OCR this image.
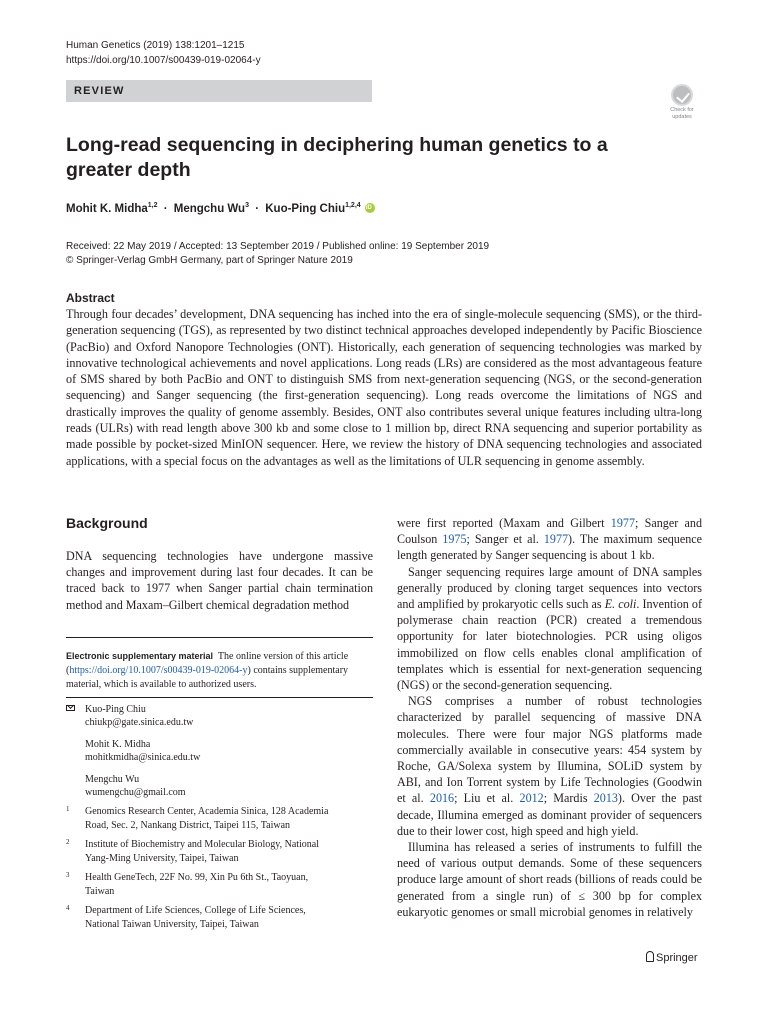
Human Genetics (2019) 138:1201–1215
https://doi.org/10.1007/s00439-019-02064-y
REVIEW
Check for
updates
Long-read sequencing in deciphering human genetics to a greater depth
Mohit K. Midha$^{1,2}$ · Mengchu $Wu^3$ · Kuo-Ping Chiu$^{1,2,4}$ iD
Received: 22 May 2019 / Accepted: 13 September 2019 / Published online: 19 September 2019
© Springer-Verlag GmbH Germany, part of Springer Nature 2019
Abstract

Through four decades’ development, DNA sequencing has inched into the era of single-molecule sequencing (SMS), or the third-generation sequencing (TGS), as represented by two distinct technical approaches developed independently by Pacific Bioscience (PacBio) and Oxford Nanopore Technologies (ONT). Historically, each generation of sequencing technologies was marked by innovative technological achievements and novel applications. Long reads (LRs) are considered as the most advantageous feature of SMS shared by both PacBio and ONT to distinguish SMS from next-generation sequencing (NGS, or the second-generation sequencing) and Sanger sequencing (the first-generation sequencing). Long reads overcome the limitations of NGS and drastically improves the quality of genome assembly. Besides, ONT also contributes several unique features including ultra-long reads (ULRs) with read length above 300 kb and some close to 1 million bp, direct RNA sequencing and superior portability as made possible by pocket-sized MinION sequencer. Here, we review the history of DNA sequencing technologies and associated applications, with a special focus on the advantages as well as the limitations of ULR sequencing in genome assembly.

Background

DNA sequencing technologies have undergone massive changes and improvement during last four decades. It can be traced back to 1977 when Sanger partial chain termination method and Maxam–Gilbert chemical degradation method

Electronic supplementary material The online version of this article (https://doi.org/10.1007/s00439-019-02064-y) contains supplementary material, which is available to authorized users.

Kuo-Ping Chiu
chiukp@gate.sinica.edu.tw
Mohit K. Midha
mohitkmidha@sinica.edu.tw
Mengchu Wu
wumengchu@gmail.com
1	Genomics Research Center, Academia Sinica, 128 Academia
Road, Sec. 2, Nankang District, Taipei 115, Taiwan
2	Institute of Biochemistry and Molecular Biology, National
Yang-Ming University, Taipei, Taiwan
3	Health GeneTech, 22F No. 99, Xin Pu 6th St., Taoyuan,
Taiwan
4	Department of Life Sciences, College of Life Sciences,
National Taiwan University, Taipei, Taiwan

were first reported (Maxam and Gilbert 1977; Sanger and Coulson 1975; Sanger et al. 1977). The maximum sequence length generated by Sanger sequencing is about 1 kb.

Sanger sequencing requires large amount of DNA samples generally produced by cloning target sequences into vectors and amplified by prokaryotic cells such as E. coli. Invention of polymerase chain reaction (PCR) created a tremendous opportunity for later biotechnologies. PCR using oligos immobilized on flow cells enables clonal amplification of templates which is essential for next-generation sequencing (NGS) or the second-generation sequencing.

NGS comprises a number of robust technologies characterized by parallel sequencing of massive DNA molecules. There were four major NGS platforms made commercially available in consecutive years: 454 system by Roche, GA/Solexa system by Illumina, SOLiD system by ABI, and Ion Torrent system by Life Technologies (Goodwin et al. 2016; Liu et al. 2012; Mardis 2013). Over the past decade, Illumina emerged as dominant provider of sequencers due to their lower cost, high speed and high yield.

Illumina has released a series of instruments to fulfill the need of various output demands. Some of these sequencers produce large amount of short reads (billions of reads could be generated from a single run) of ≤ 300 bp for complex eukaryotic genomes or small microbial genomes in relatively

Springer
